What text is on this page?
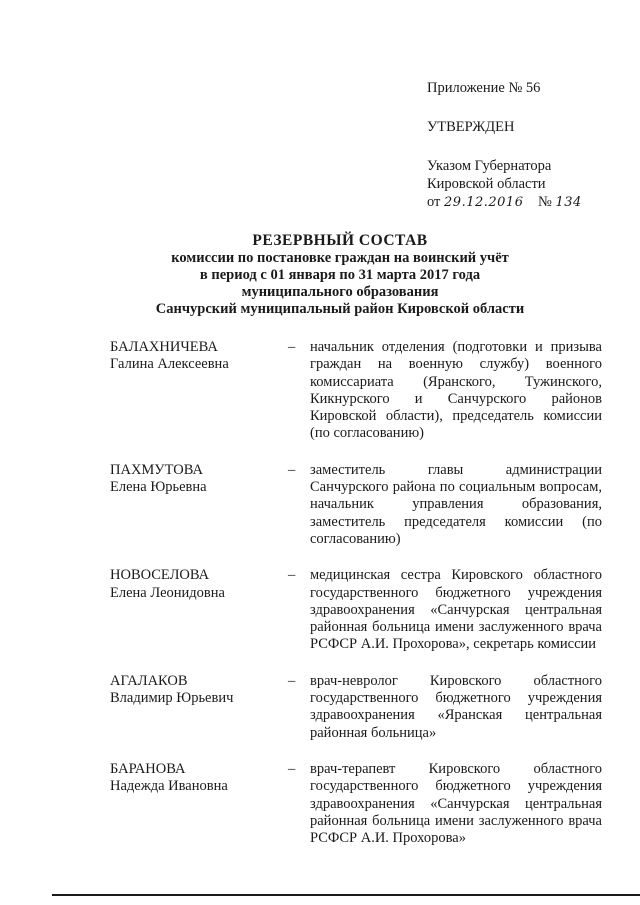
Приложение № 56
УТВЕРЖДЕН
Указом Губернатора
Кировской области
от 29.12.2016 № 134
РЕЗЕРВНЫЙ СОСТАВ
комиссии по постановке граждан на воинский учёт
в период с 01 января по 31 марта 2017 года
муниципального образования
Санчурский муниципальный район Кировской области
БАЛАХНИЧЕВА
Галина Алексеевна
–	начальник отделения (подготовки и призыва граждан на военную службу) военного комиссариата (Яранского, Тужинского, Кикнурского и Санчурского районов Кировской области), председатель комиссии (по согласованию)
ПАХМУТОВА
Елена Юрьевна
–	заместитель главы администрации Санчурского района по социальным вопросам, начальник управления образования, заместитель председателя комиссии (по согласованию)
НОВОСЕЛОВА
Елена Леонидовна
–	медицинская сестра Кировского областного государственного бюджетного учреждения здравоохранения «Санчурская центральная районная больница имени заслуженного врача РСФСР А.И. Прохорова», секретарь комиссии
АГАЛАКОВ
Владимир Юрьевич
–	врач-невролог Кировского областного государственного бюджетного учреждения здравоохранения «Яранская центральная районная больница»
БАРАНОВА
Надежда Ивановна
–	врач-терапевт Кировского областного государственного бюджетного учреждения здравоохранения «Санчурская центральная районная больница имени заслуженного врача РСФСР А.И. Прохорова»
